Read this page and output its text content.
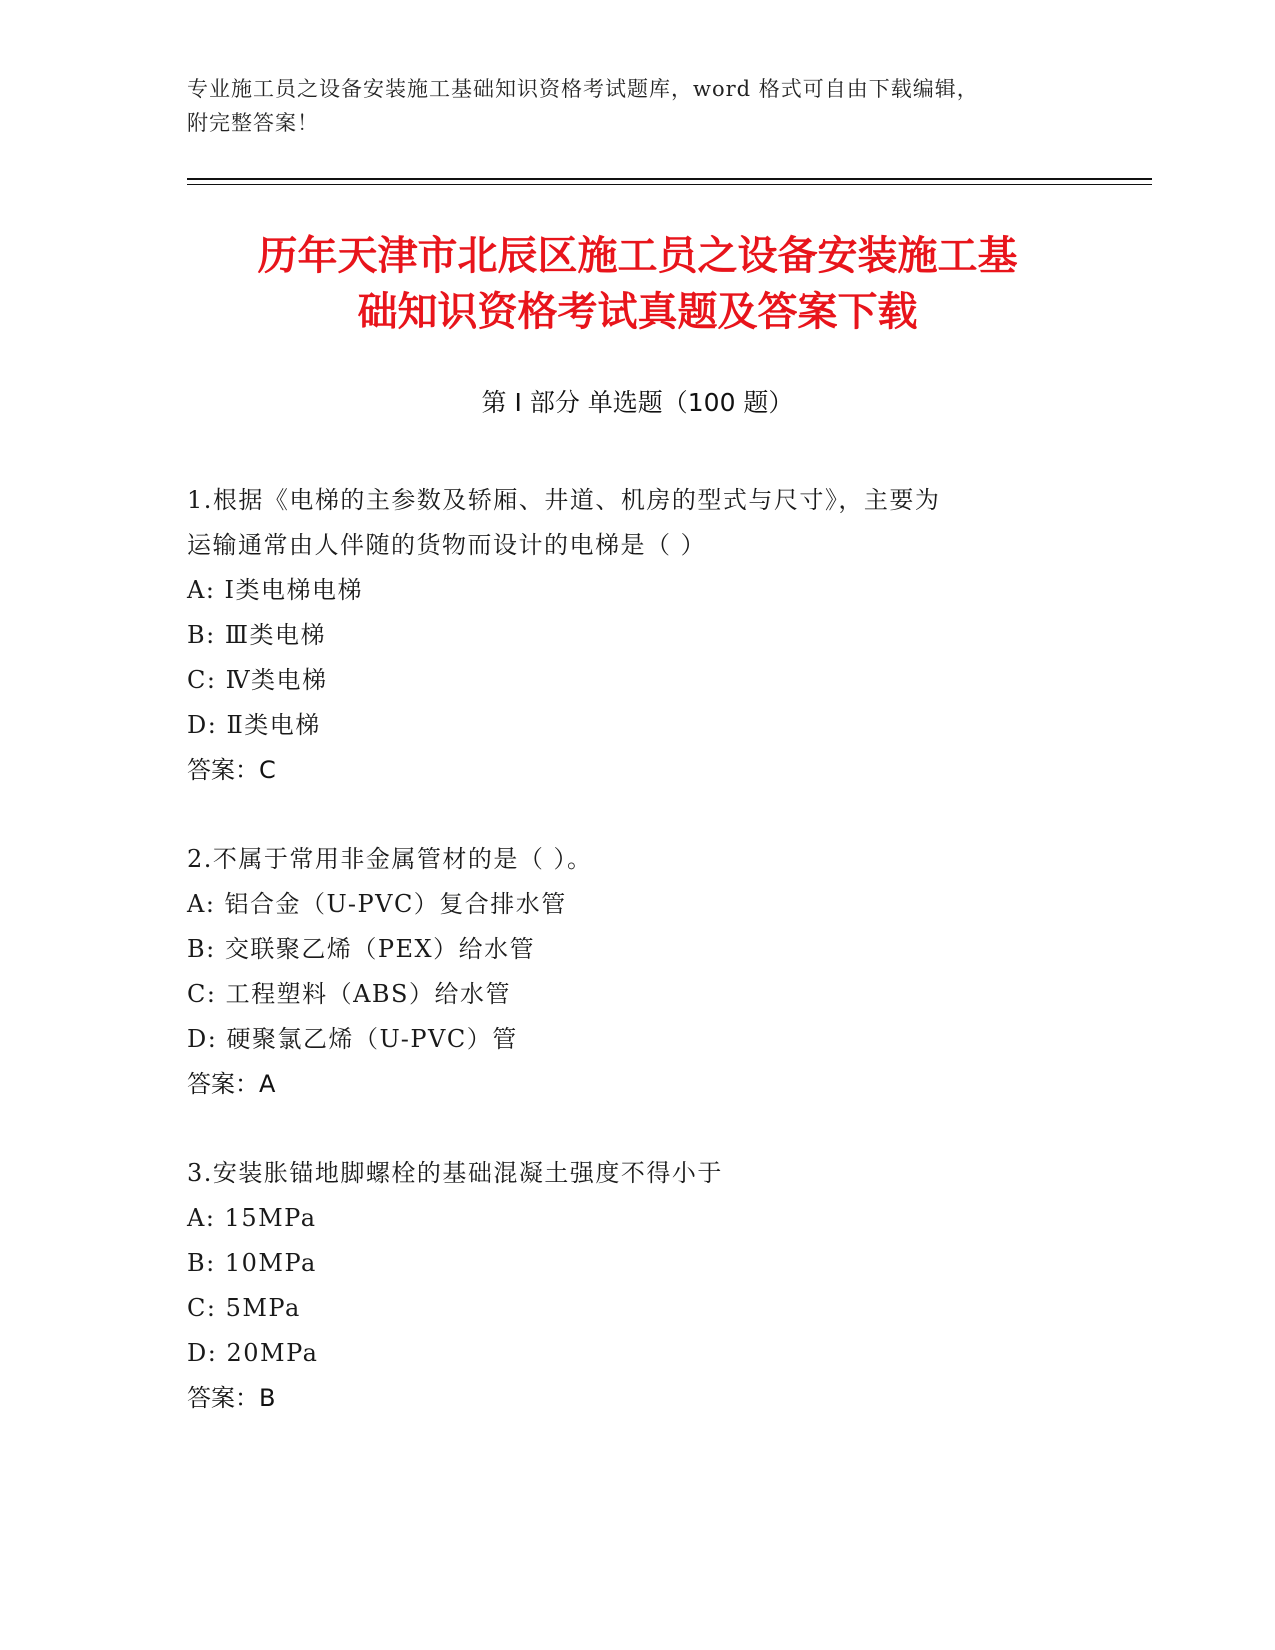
专业施工员之设备安装施工基础知识资格考试题库，word 格式可自由下载编辑，
附完整答案！
历年天津市北辰区施工员之设备安装施工基
础知识资格考试真题及答案下载
第 I 部分 单选题（100 题）

1.根据《电梯的主参数及轿厢、井道、机房的型式与尺寸》，主要为

运输通常由人伴随的货物而设计的电梯是（ ）

A: Ⅰ类电梯电梯

B: Ⅲ类电梯

C: Ⅳ类电梯

D: Ⅱ类电梯

答案：C

2.不属于常用非金属管材的是（ ）。

A: 铝合金（U-PVC）复合排水管

B: 交联聚乙烯（PEX）给水管

C: 工程塑料（ABS）给水管

D: 硬聚氯乙烯（U-PVC）管

答案：A

3.安装胀锚地脚螺栓的基础混凝土强度不得小于

A: 15MPa

B: 10MPa

C: 5MPa

D: 20MPa

答案：B
